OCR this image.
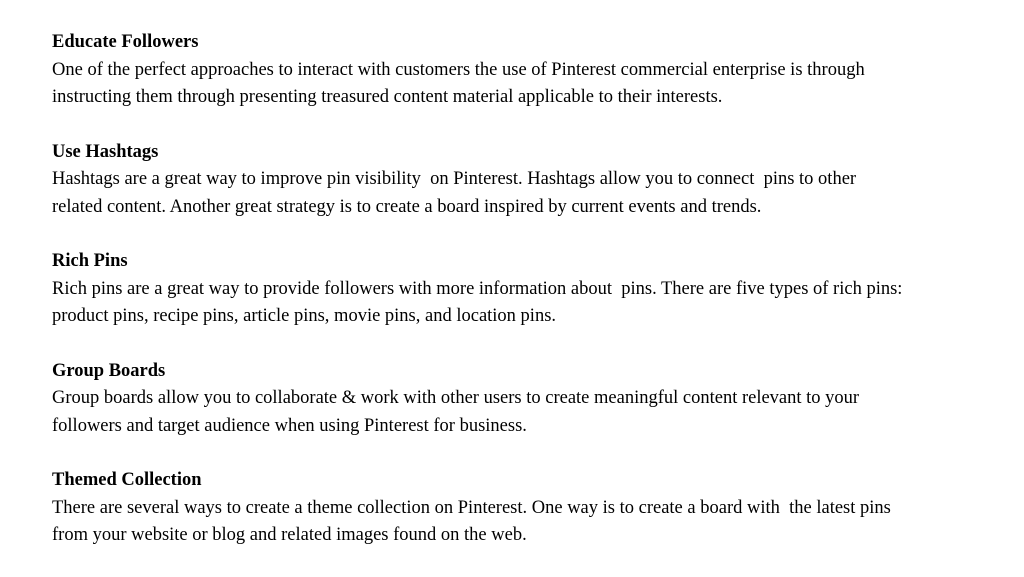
Educate Followers
One of the perfect approaches to interact with customers the use of Pinterest commercial enterprise is through
instructing them through presenting treasured content material applicable to their interests.
Use Hashtags
Hashtags are a great way to improve pin visibility  on Pinterest. Hashtags allow you to connect  pins to other
related content. Another great strategy is to create a board inspired by current events and trends.
Rich Pins
Rich pins are a great way to provide followers with more information about  pins. There are five types of rich pins:
product pins, recipe pins, article pins, movie pins, and location pins.
Group Boards
Group boards allow you to collaborate & work with other users to create meaningful content relevant to your
followers and target audience when using Pinterest for business.
Themed Collection
There are several ways to create a theme collection on Pinterest. One way is to create a board with  the latest pins
from your website or blog and related images found on the web.
